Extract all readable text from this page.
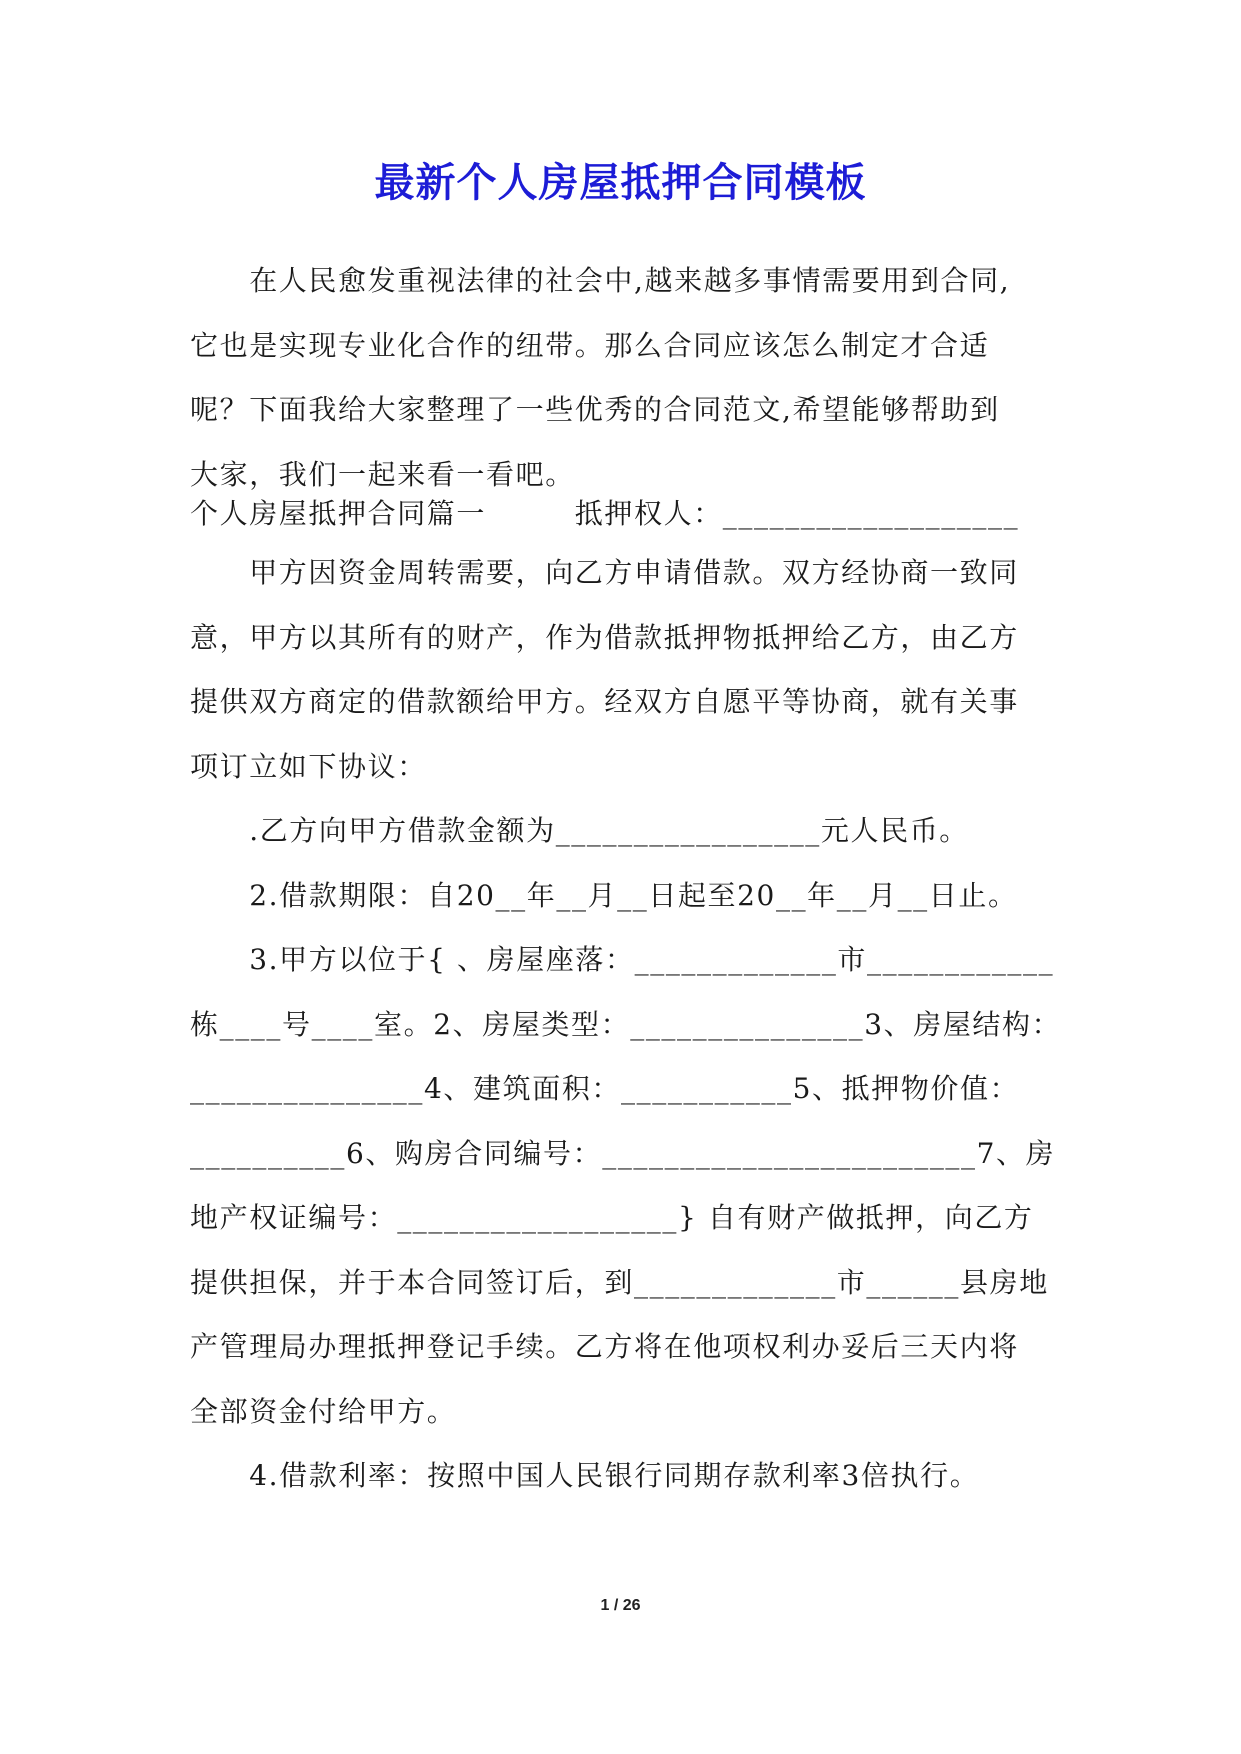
最新个人房屋抵押合同模板
　　在人民愈发重视法律的社会中,越来越多事情需要用到合同,
它也是实现专业化合作的纽带。那么合同应该怎么制定才合适
呢？下面我给大家整理了一些优秀的合同范文,希望能够帮助到
大家，我们一起来看一看吧。
个人房屋抵押合同篇一　　　抵押权人：___________________
　　甲方因资金周转需要，向乙方申请借款。双方经协商一致同
意，甲方以其所有的财产，作为借款抵押物抵押给乙方，由乙方
提供双方商定的借款额给甲方。经双方自愿平等协商，就有关事
项订立如下协议：
　　.乙方向甲方借款金额为_________________元人民币。
　　2.借款期限：自20__年__月__日起至20__年__月__日止。
　　3.甲方以位于{ 、房屋座落：_____________市____________
栋____号____室。2、房屋类型：_______________3、房屋结构：
_______________4、建筑面积：___________5、抵押物价值：
__________6、购房合同编号：________________________7、房
地产权证编号：__________________} 自有财产做抵押，向乙方
提供担保，并于本合同签订后，到_____________市______县房地
产管理局办理抵押登记手续。乙方将在他项权利办妥后三天内将
全部资金付给甲方。
　　4.借款利率：按照中国人民银行同期存款利率3倍执行。
1 / 26
